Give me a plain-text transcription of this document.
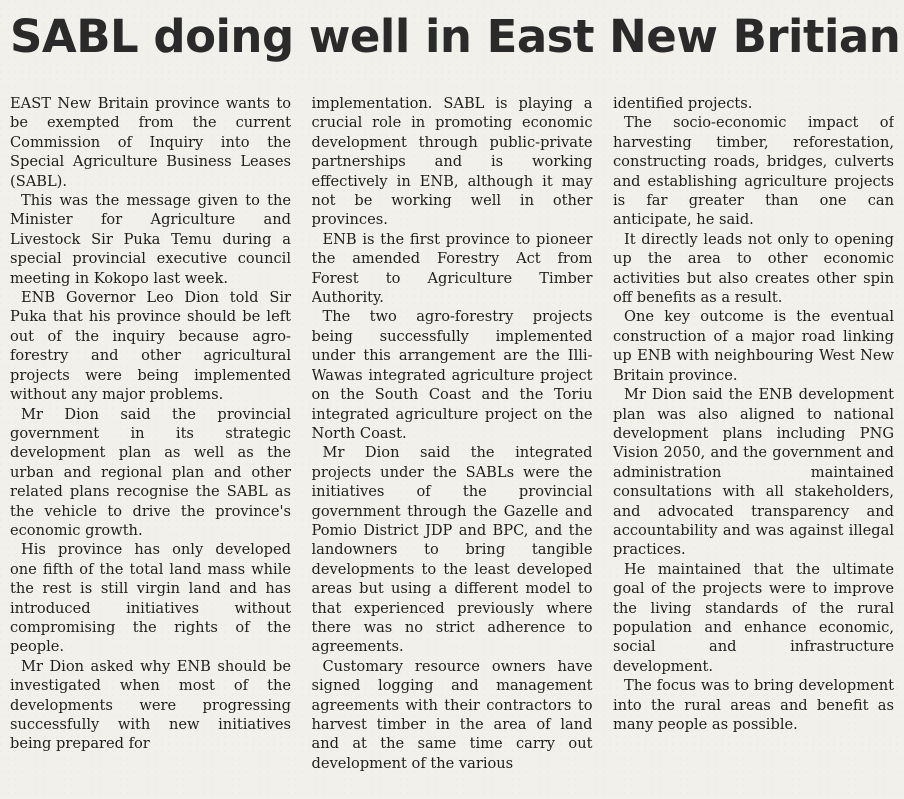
SABL doing well in East New Britian

EAST New Britain province wants to be exempted from the current Commission of Inquiry into the Special Agriculture Business Leases (SABL).

This was the message given to the Minister for Agriculture and Livestock Sir Puka Temu during a special provincial executive council meeting in Kokopo last week.

ENB Governor Leo Dion told Sir Puka that his province should be left out of the inquiry because agro-forestry and other agricultural projects were being implemented without any major problems.

Mr Dion said the provincial government in its strategic development plan as well as the urban and regional plan and other related plans recognise the SABL as the vehicle to drive the province's economic growth.

His province has only developed one fifth of the total land mass while the rest is still virgin land and has introduced initiatives without compromising the rights of the people.

Mr Dion asked why ENB should be investigated when most of the developments were progressing successfully with new initiatives being prepared for

implementation. SABL is playing a crucial role in promoting economic development through public-private partnerships and is working effectively in ENB, although it may not be working well in other provinces.

ENB is the first province to pioneer the amended Forestry Act from Forest to Agriculture Timber Authority.

The two agro-forestry projects being successfully implemented under this arrangement are the Illi-Wawas integrated agriculture project on the South Coast and the Toriu integrated agriculture project on the North Coast.

Mr Dion said the integrated projects under the SABLs were the initiatives of the provincial government through the Gazelle and Pomio District JDP and BPC, and the landowners to bring tangible developments to the least developed areas but using a different model to that experienced previously where there was no strict adherence to agreements.

Customary resource owners have signed logging and management agreements with their contractors to harvest timber in the area of land and at the same time carry out development of the various

identified projects.

The socio-economic impact of harvesting timber, reforestation, constructing roads, bridges, culverts and establishing agriculture projects is far greater than one can anticipate, he said.

It directly leads not only to opening up the area to other economic activities but also creates other spin off benefits as a result.

One key outcome is the eventual construction of a major road linking up ENB with neighbouring West New Britain province.

Mr Dion said the ENB development plan was also aligned to national development plans including PNG Vision 2050, and the government and administration maintained consultations with all stakeholders, and advocated transparency and accountability and was against illegal practices.

He maintained that the ultimate goal of the projects were to improve the living standards of the rural population and enhance economic, social and infrastructure development.

The focus was to bring development into the rural areas and benefit as many people as possible.
